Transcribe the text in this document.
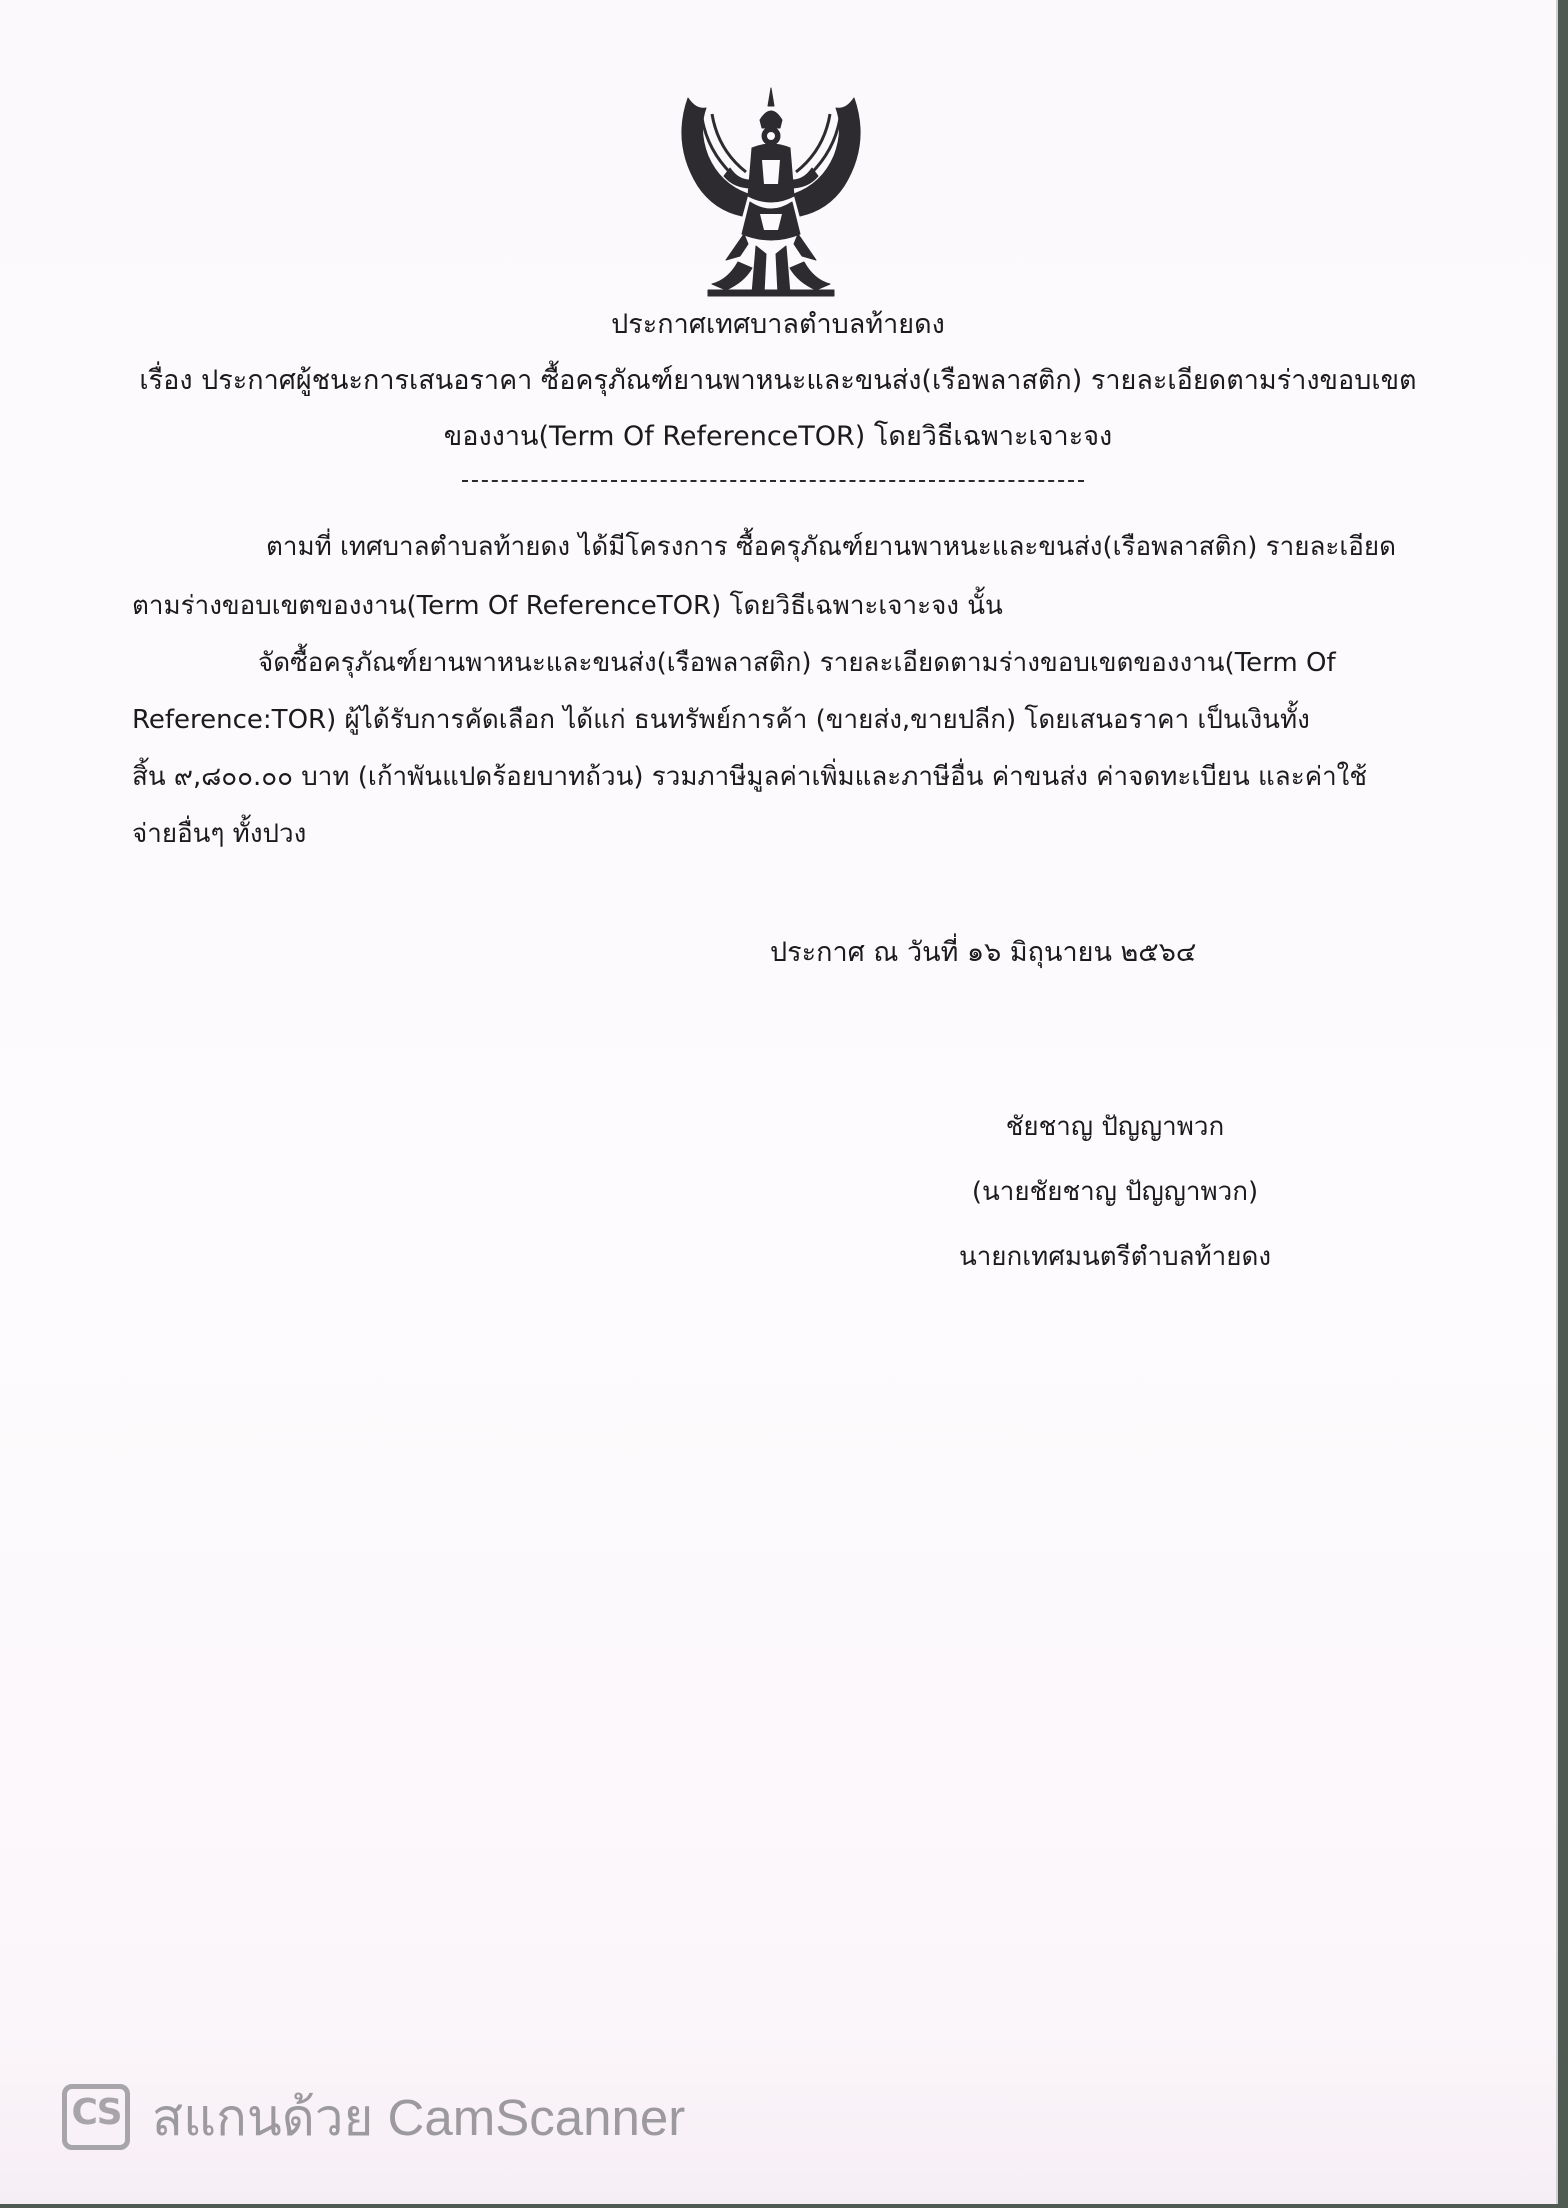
ประกาศเทศบาลตำบลท้ายดง
เรื่อง ประกาศผู้ชนะการเสนอราคา ซื้อครุภัณฑ์ยานพาหนะและขนส่ง(เรือพลาสติก) รายละเอียดตามร่างขอบเขต
ของงาน(Term Of ReferenceTOR) โดยวิธีเฉพาะเจาะจง
ตามที่ เทศบาลตำบลท้ายดง ได้มีโครงการ ซื้อครุภัณฑ์ยานพาหนะและขนส่ง(เรือพลาสติก) รายละเอียด
ตามร่างขอบเขตของงาน(Term Of ReferenceTOR) โดยวิธีเฉพาะเจาะจง นั้น
จัดซื้อครุภัณฑ์ยานพาหนะและขนส่ง(เรือพลาสติก) รายละเอียดตามร่างขอบเขตของงาน(Term Of
Reference:TOR) ผู้ได้รับการคัดเลือก ได้แก่ ธนทรัพย์การค้า (ขายส่ง,ขายปลีก) โดยเสนอราคา เป็นเงินทั้ง
สิ้น ๙,๘๐๐.๐๐ บาท (เก้าพันแปดร้อยบาทถ้วน) รวมภาษีมูลค่าเพิ่มและภาษีอื่น ค่าขนส่ง ค่าจดทะเบียน และค่าใช้
จ่ายอื่นๆ ทั้งปวง
ประกาศ ณ วันที่ ๑๖ มิถุนายน ๒๕๖๔
ชัยชาญ ปัญญาพวก
(นายชัยชาญ ปัญญาพวก)
นายกเทศมนตรีตำบลท้ายดง
CS สแกนด้วย CamScanner
